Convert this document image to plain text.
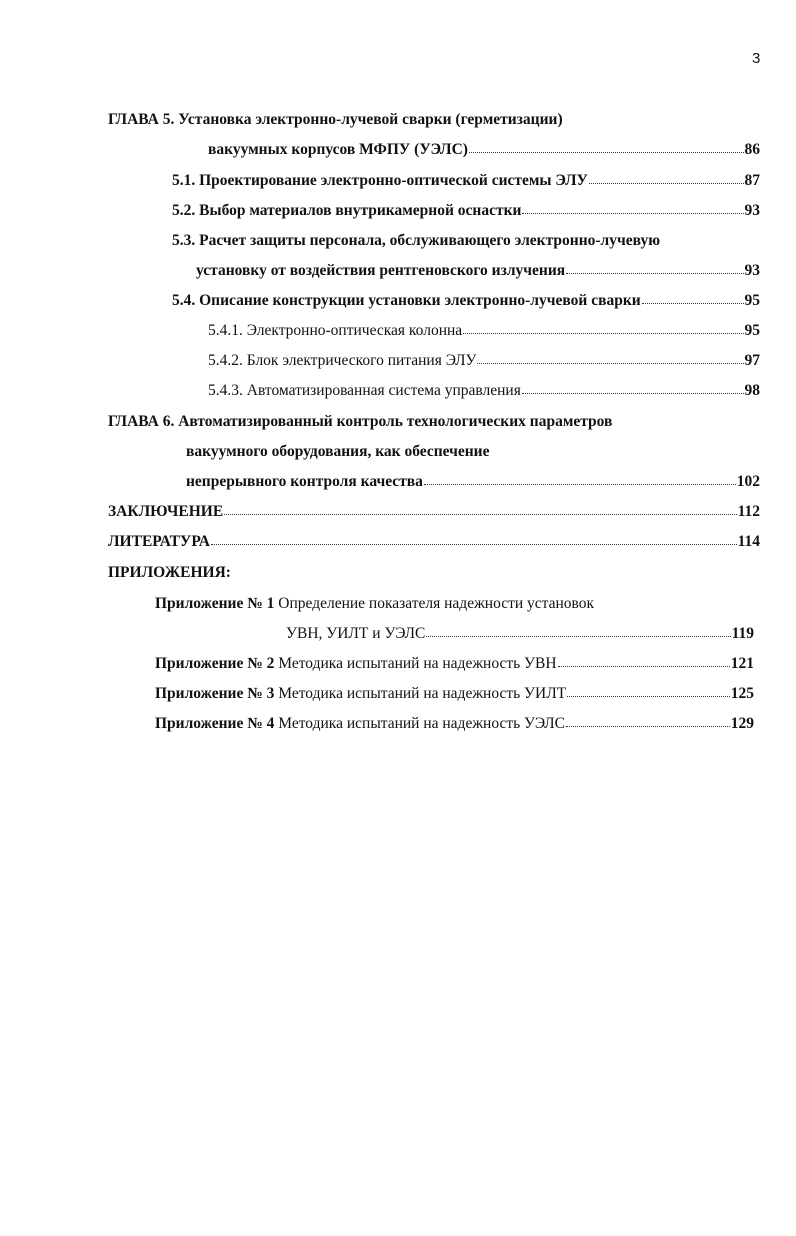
3
ГЛАВА 5. Установка электронно-лучевой сварки (герметизации)
вакуумных корпусов МФПУ (УЭЛС)	86
5.1. Проектирование электронно-оптической системы ЭЛУ	87
5.2. Выбор материалов внутрикамерной оснастки	93
5.3. Расчет защиты персонала, обслуживающего электронно-лучевую
установку от воздействия рентгеновского излучения	93
5.4. Описание конструкции установки электронно-лучевой сварки	95
5.4.1. Электронно-оптическая колонна	95
5.4.2. Блок электрического питания ЭЛУ	97
5.4.3. Автоматизированная система управления	98
ГЛАВА 6. Автоматизированный контроль технологических параметров
вакуумного оборудования, как обеспечение
непрерывного контроля качества	102
ЗАКЛЮЧЕНИЕ	112
ЛИТЕРАТУРА	114
ПРИЛОЖЕНИЯ:
Приложение № 1
Определение показателя надежности установок
УВН, УИЛТ и УЭЛС	119
Приложение № 2
Методика испытаний на надежность УВН	121
Приложение № 3
Методика испытаний на надежность УИЛТ	125
Приложение № 4
Методика испытаний на надежность УЭЛС	129
